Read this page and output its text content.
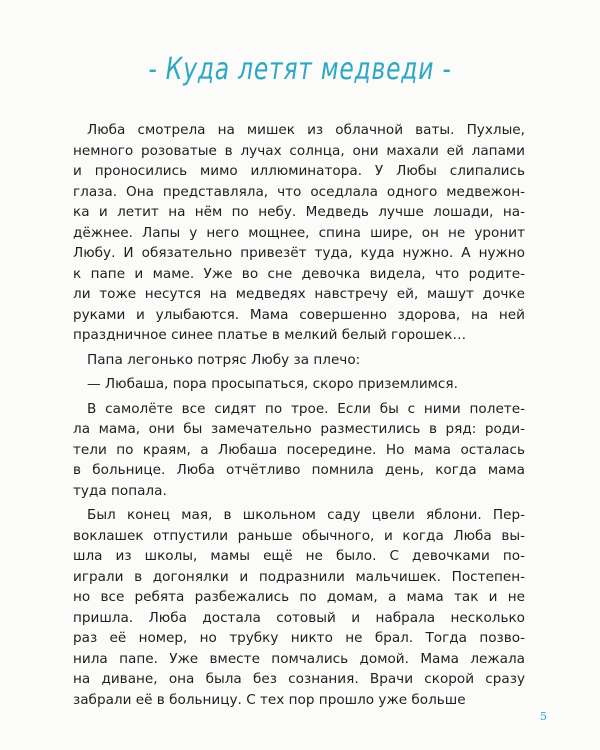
- Куда летят медведи -
Люба смотрела на мишек из облачной ваты. Пухлые,
немного розоватые в лучах солнца, они махали ей лапами
и проносились мимо иллюминатора. У Любы слипались
глаза. Она представляла, что оседлала одного медвежон-
ка и летит на нём по небу. Медведь лучше лошади, на-
дёжнее. Лапы у него мощнее, спина шире, он не уронит
Любу. И обязательно привезёт туда, куда нужно. А нужно
к папе и маме. Уже во сне девочка видела, что родите-
ли тоже несутся на медведях навстречу ей, машут дочке
руками и улыбаются. Мама совершенно здорова, на ней
праздничное синее платье в мелкий белый горошек…
Папа легонько потряс Любу за плечо:
— Любаша, пора просыпаться, скоро приземлимся.
В самолёте все сидят по трое. Если бы с ними полете-
ла мама, они бы замечательно разместились в ряд: роди-
тели по краям, а Любаша посередине. Но мама осталась
в больнице. Люба отчётливо помнила день, когда мама
туда попала.
Был конец мая, в школьном саду цвели яблони. Пер-
воклашек отпустили раньше обычного, и когда Люба вы-
шла из школы, мамы ещё не было. С девочками по-
играли в догонялки и подразнили мальчишек. Постепен-
но все ребята разбежались по домам, а мама так и не
пришла. Люба достала сотовый и набрала несколько
раз её номер, но трубку никто не брал. Тогда позво-
нила папе. Уже вместе помчались домой. Мама лежала
на диване, она была без сознания. Врачи скорой сразу
забрали её в больницу. С тех пор прошло уже больше
5
